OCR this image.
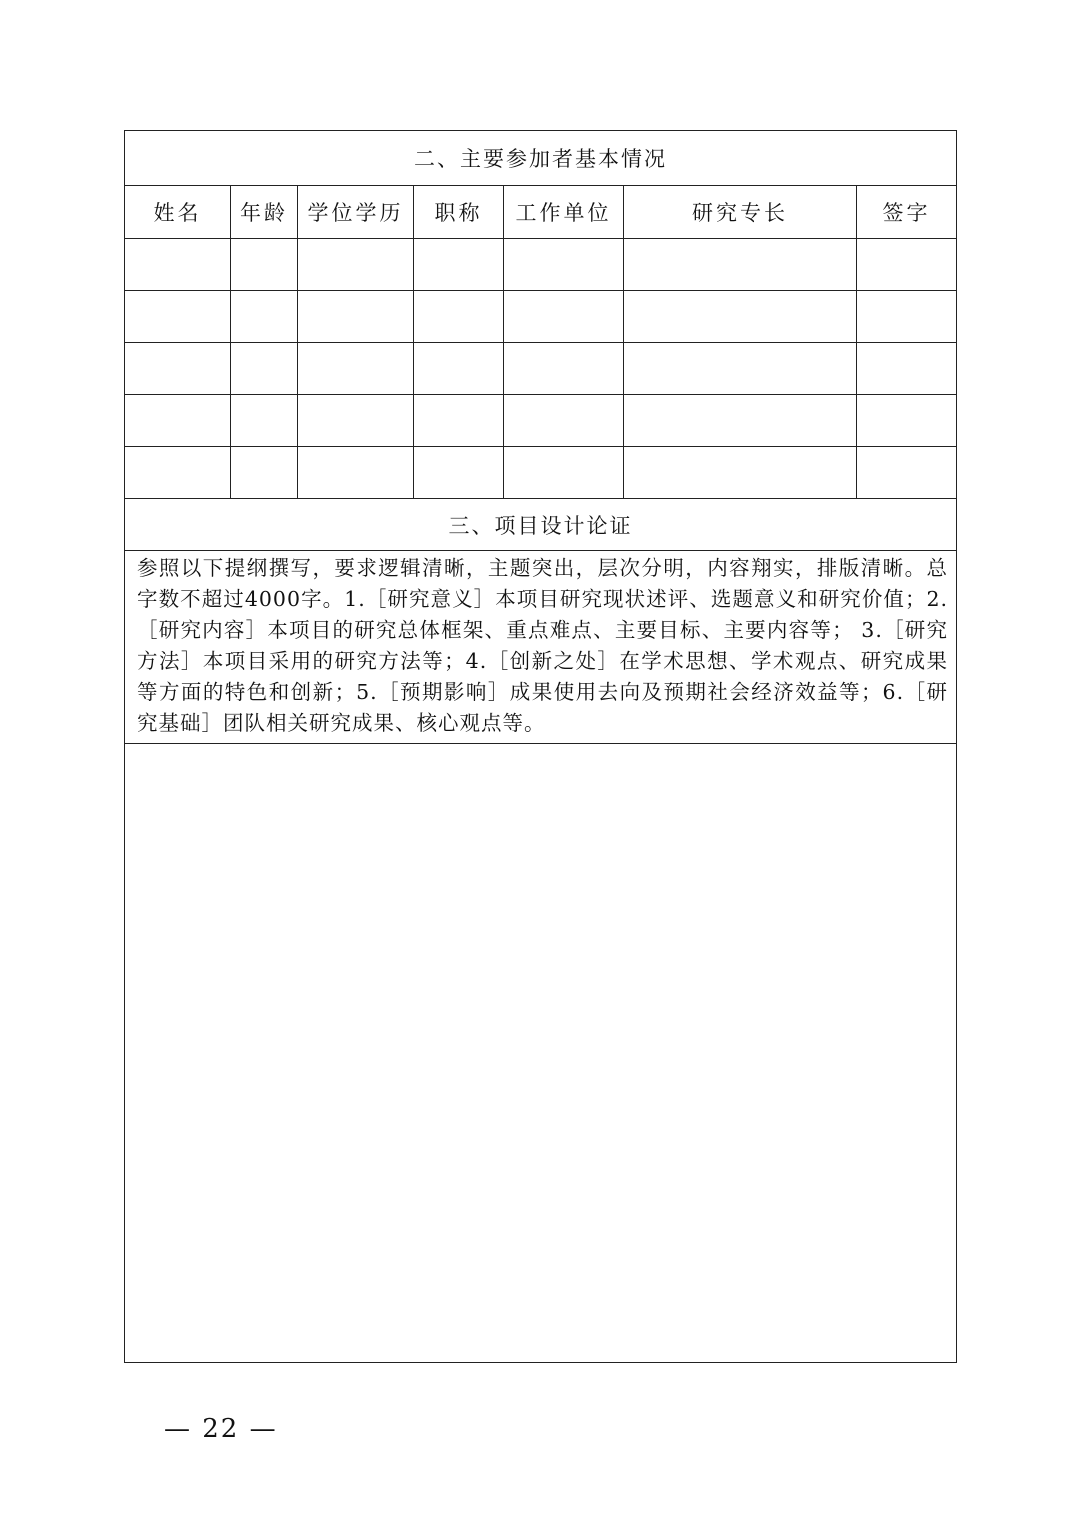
二、主要参加者基本情况						
姓名	年龄	学位学历	职称	工作单位	研究专长	签字

三、项目设计论证						
参照以下提纲撰写，要求逻辑清晰，主题突出，层次分明，内容翔实，排版清晰。总字数不超过4000字。1.［研究意义］本项目研究现状述评、选题意义和研究价值；2.［研究内容］本项目的研究总体框架、重点难点、主要目标、主要内容等； 3.［研究方法］本项目采用的研究方法等；4.［创新之处］在学术思想、学术观点、研究成果等方面的特色和创新；5.［预期影响］成果使用去向及预期社会经济效益等；6.［研究基础］团队相关研究成果、核心观点等。						

— 22 —
